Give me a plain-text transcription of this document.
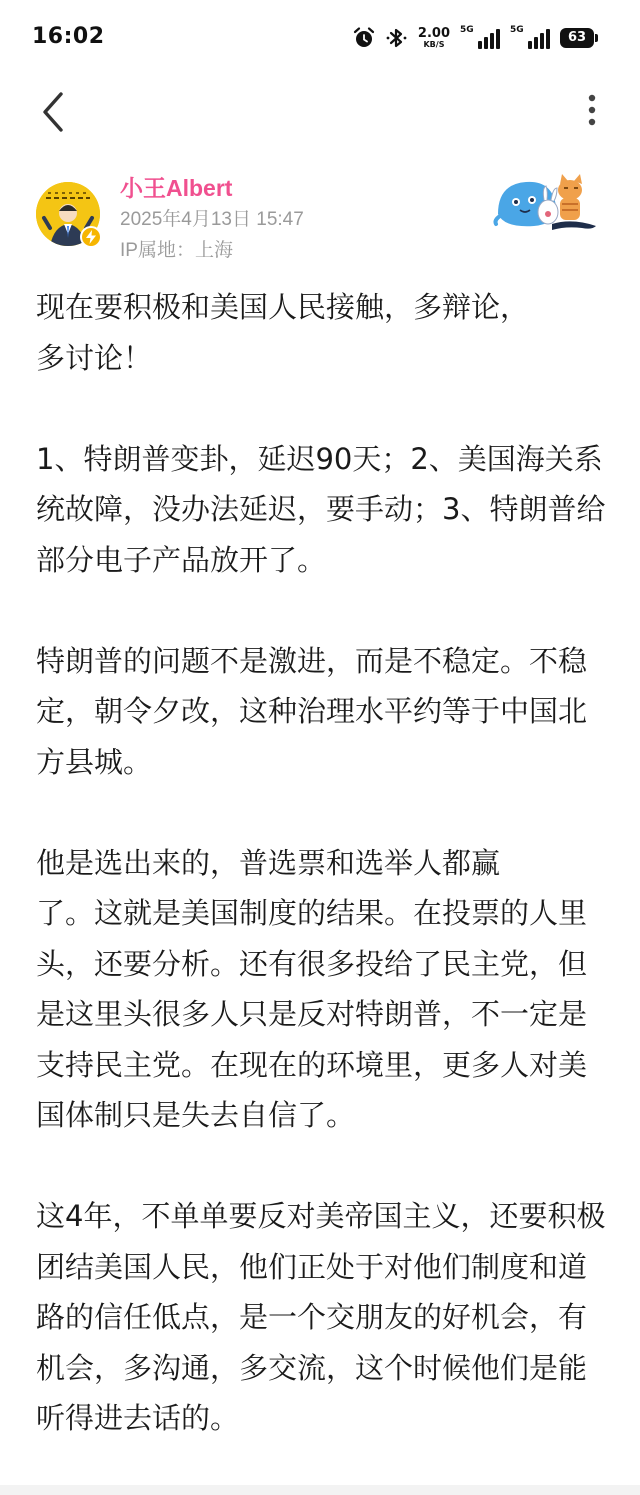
16:02	2.00
KB/S
5G	5G	63
小王Albert
2025年4月13日 15:47
IP属地：上海

现在要积极和美国人民接触，多辩论，
多讨论！

1、特朗普变卦，延迟90天；2、美国海关系统故障，没办法延迟，要手动；3、特朗普给部分电子产品放开了。

特朗普的问题不是激进，而是不稳定。不稳定，朝令夕改，这种治理水平约等于中国北方县城。

他是选出来的，普选票和选举人都赢
了。这就是美国制度的结果。在投票的人里头，还要分析。还有很多投给了民主党，但是这里头很多人只是反对特朗普，不一定是支持民主党。在现在的环境里，更多人对美国体制只是失去自信了。

这4年，不单单要反对美帝国主义，还要积极团结美国人民，他们正处于对他们制度和道路的信任低点，是一个交朋友的好机会，有机会，多沟通，多交流，这个时候他们是能听得进去话的。
